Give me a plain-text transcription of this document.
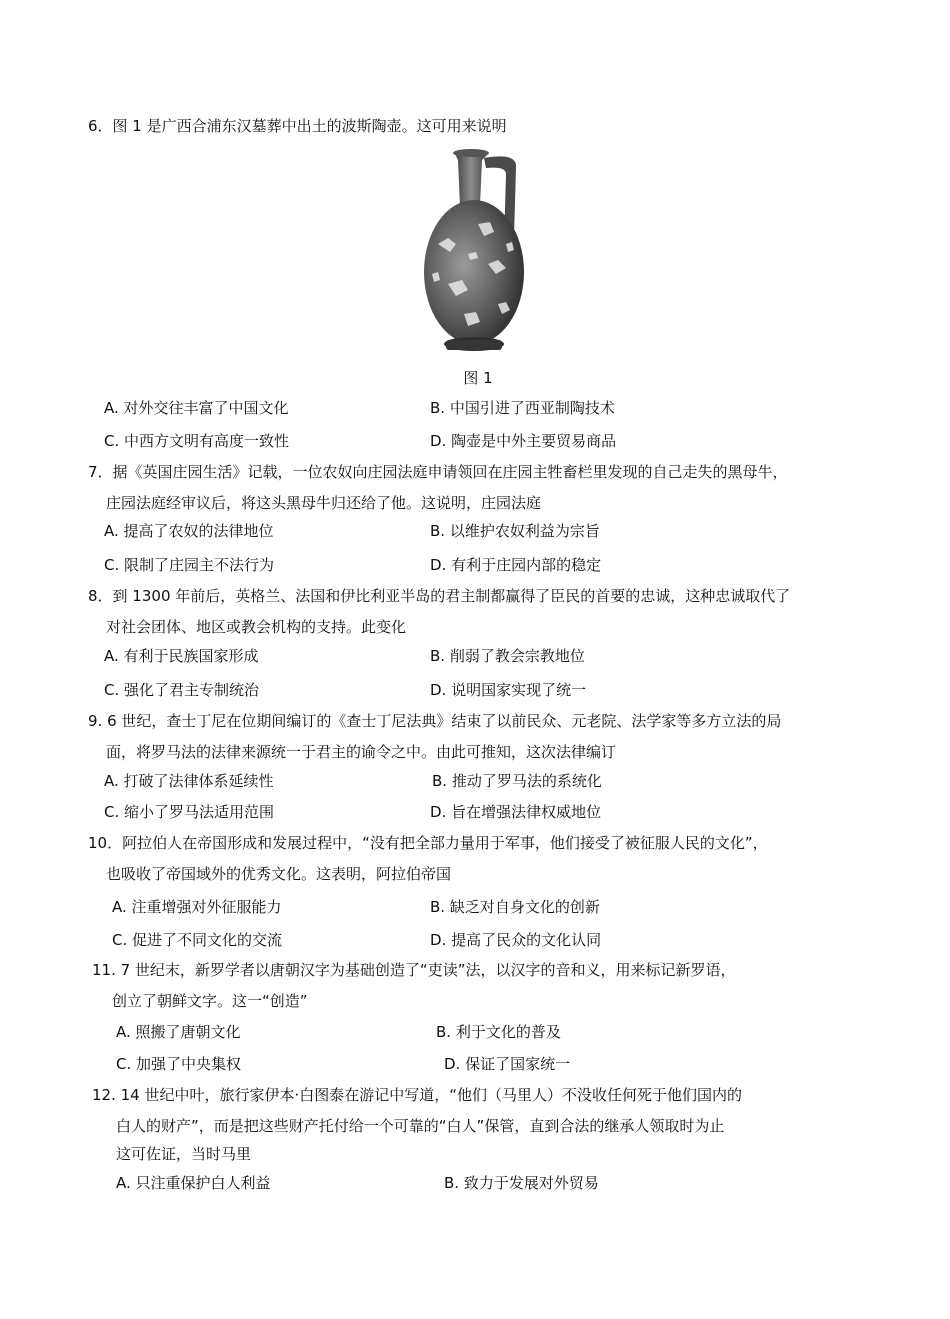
6．图 1 是广西合浦东汉墓葬中出土的波斯陶壶。这可用来说明
图 1
A. 对外交往丰富了中国文化	B. 中国引进了西亚制陶技术
C. 中西方文明有高度一致性	D. 陶壶是中外主要贸易商品
7．据《英国庄园生活》记载，一位农奴向庄园法庭申请领回在庄园主牲畜栏里发现的自己走失的黑母牛，
庄园法庭经审议后，将这头黑母牛归还给了他。这说明，庄园法庭
A. 提高了农奴的法律地位	B. 以维护农奴利益为宗旨
C. 限制了庄园主不法行为	D. 有利于庄园内部的稳定
8．到 1300 年前后，英格兰、法国和伊比利亚半岛的君主制都赢得了臣民的首要的忠诚，这种忠诚取代了
对社会团体、地区或教会机构的支持。此变化
A. 有利于民族国家形成	B. 削弱了教会宗教地位
C. 强化了君主专制统治	D. 说明国家实现了统一
9. 6 世纪，查士丁尼在位期间编订的《查士丁尼法典》结束了以前民众、元老院、法学家等多方立法的局
面，将罗马法的法律来源统一于君主的谕令之中。由此可推知，这次法律编订
A. 打破了法律体系延续性	B. 推动了罗马法的系统化
C. 缩小了罗马法适用范围	D. 旨在增强法律权威地位
10．阿拉伯人在帝国形成和发展过程中，“没有把全部力量用于军事，他们接受了被征服人民的文化”，
也吸收了帝国域外的优秀文化。这表明，阿拉伯帝国
A. 注重增强对外征服能力	B. 缺乏对自身文化的创新
C. 促进了不同文化的交流	D. 提高了民众的文化认同
11. 7 世纪末，新罗学者以唐朝汉字为基础创造了“吏读”法，以汉字的音和义，用来标记新罗语，
创立了朝鲜文字。这一“创造”
A. 照搬了唐朝文化	B. 利于文化的普及
C. 加强了中央集权	D. 保证了国家统一
12. 14 世纪中叶，旅行家伊本·白图泰在游记中写道，“他们（马里人）不没收任何死于他们国内的
白人的财产”，而是把这些财产托付给一个可靠的“白人”保管，直到合法的继承人领取时为止
这可佐证，当时马里
A. 只注重保护白人利益	B. 致力于发展对外贸易
